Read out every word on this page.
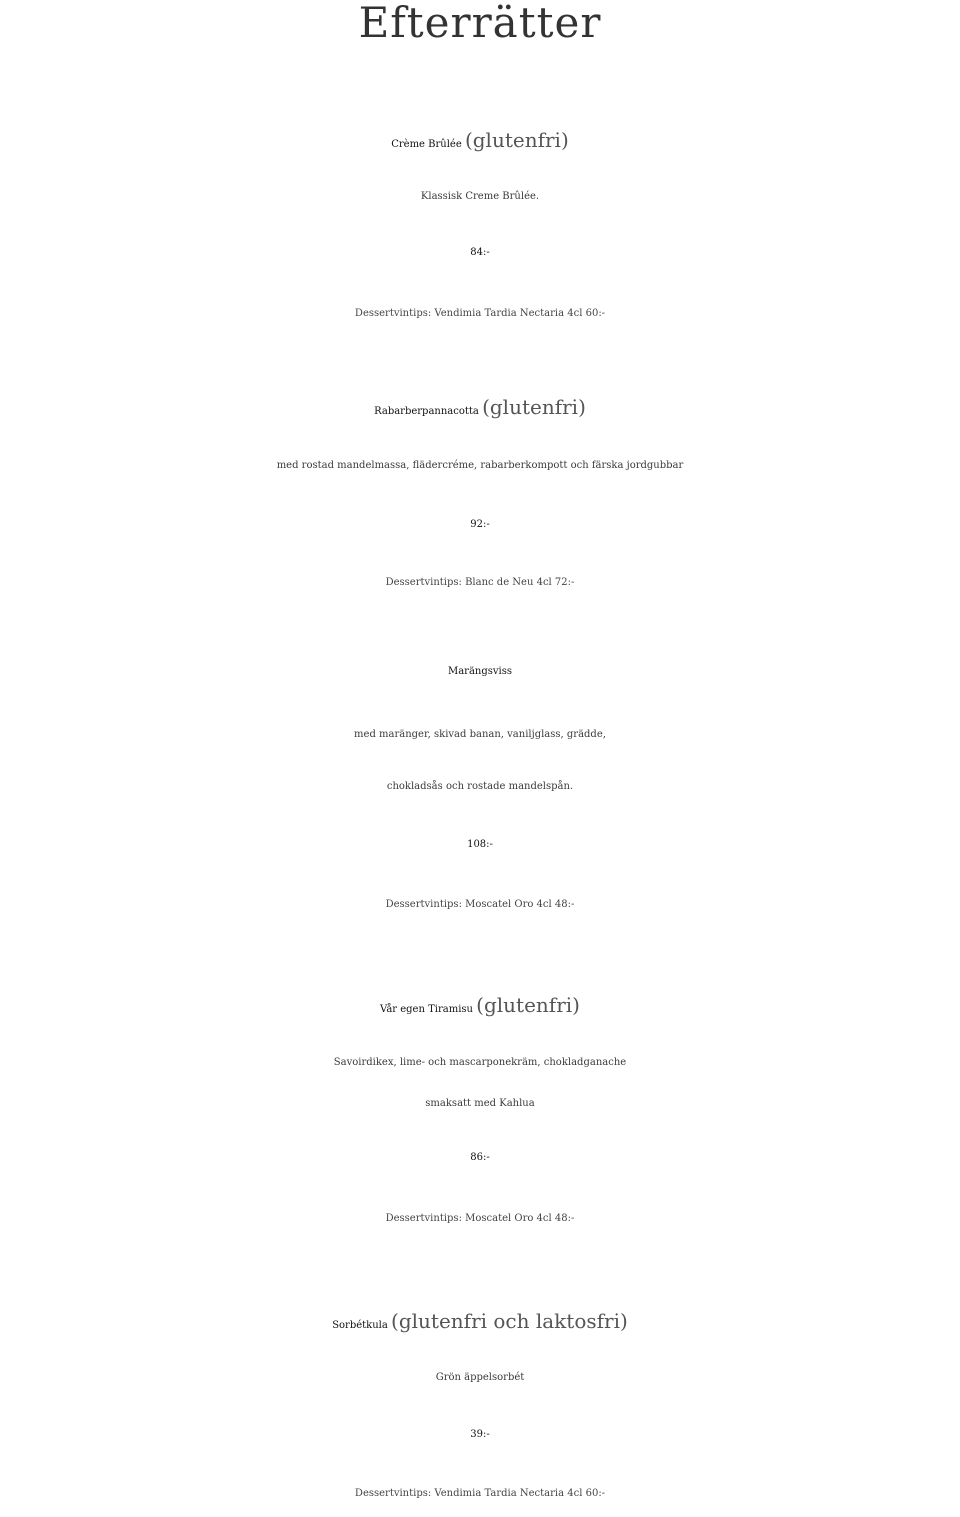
Efterrätter
Crème Brûlée (glutenfri)
Klassisk Creme Brûlée.
84:-
Dessertvintips: Vendimia Tardia Nectaria 4cl 60:-
Rabarberpannacotta (glutenfri)
med rostad mandelmassa, flädercréme, rabarberkompott och färska jordgubbar
92:-
Dessertvintips: Blanc de Neu 4cl 72:-
Marängsviss
med maränger, skivad banan, vaniljglass, grädde,
chokladsås och rostade mandelspån.
108:-
Dessertvintips: Moscatel Oro 4cl 48:-
Vår egen Tiramisu (glutenfri)
Savoirdikex, lime- och mascarponekräm, chokladganache
smaksatt med Kahlua
86:-
Dessertvintips: Moscatel Oro 4cl 48:-
Sorbétkula (glutenfri och laktosfri)
Grön äppelsorbét
39:-
Dessertvintips: Vendimia Tardia Nectaria 4cl 60:-
